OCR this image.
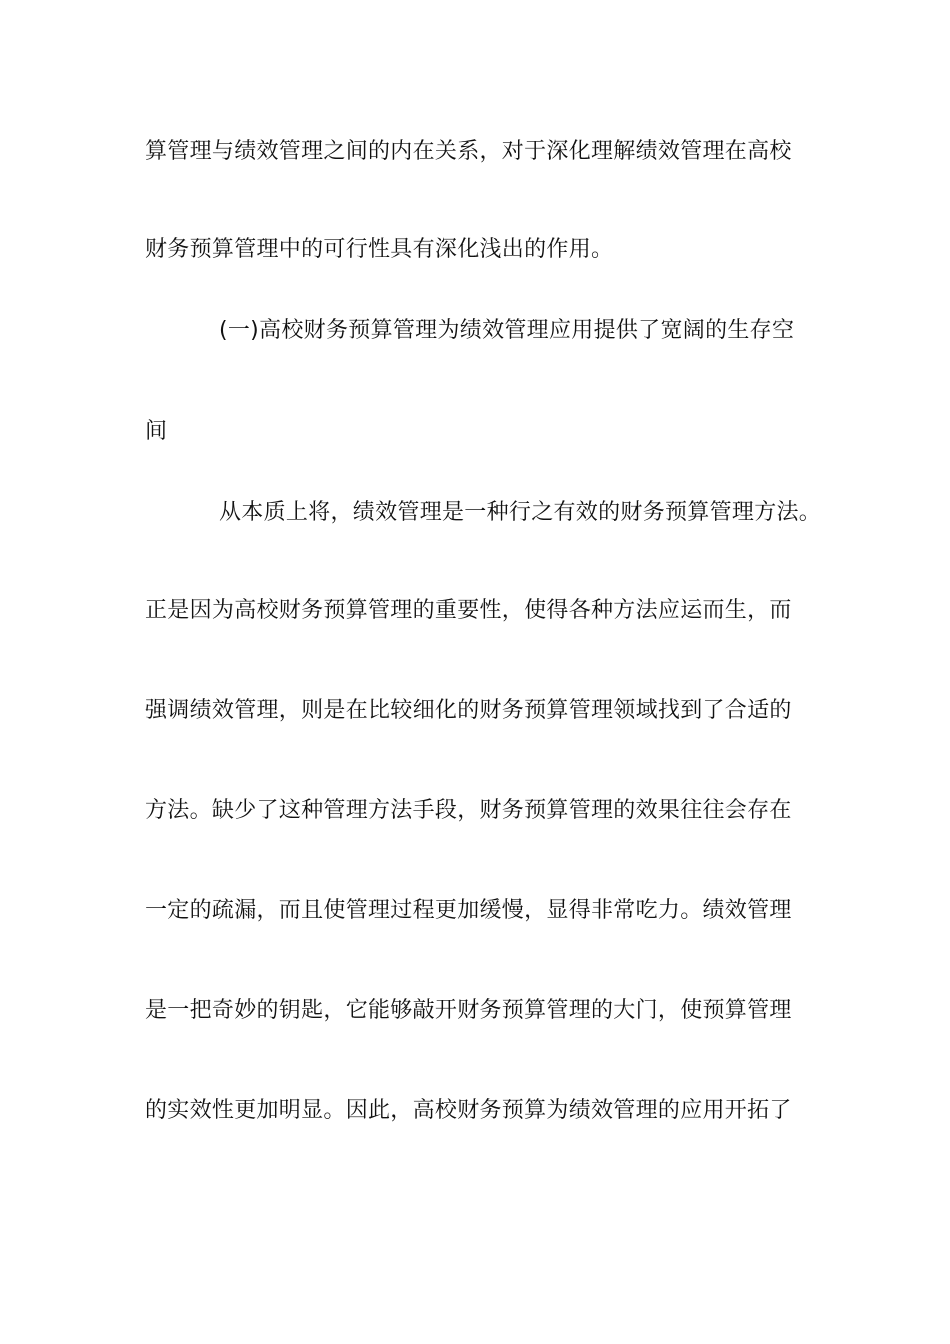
算管理与绩效管理之间的内在关系，对于深化理解绩效管理在高校
财务预算管理中的可行性具有深化浅出的作用。
(一)高校财务预算管理为绩效管理应用提供了宽阔的生存空
间
从本质上将，绩效管理是一种行之有效的财务预算管理方法。
正是因为高校财务预算管理的重要性，使得各种方法应运而生，而
强调绩效管理，则是在比较细化的财务预算管理领域找到了合适的
方法。缺少了这种管理方法手段，财务预算管理的效果往往会存在
一定的疏漏，而且使管理过程更加缓慢，显得非常吃力。绩效管理
是一把奇妙的钥匙，它能够敲开财务预算管理的大门，使预算管理
的实效性更加明显。因此，高校财务预算为绩效管理的应用开拓了
